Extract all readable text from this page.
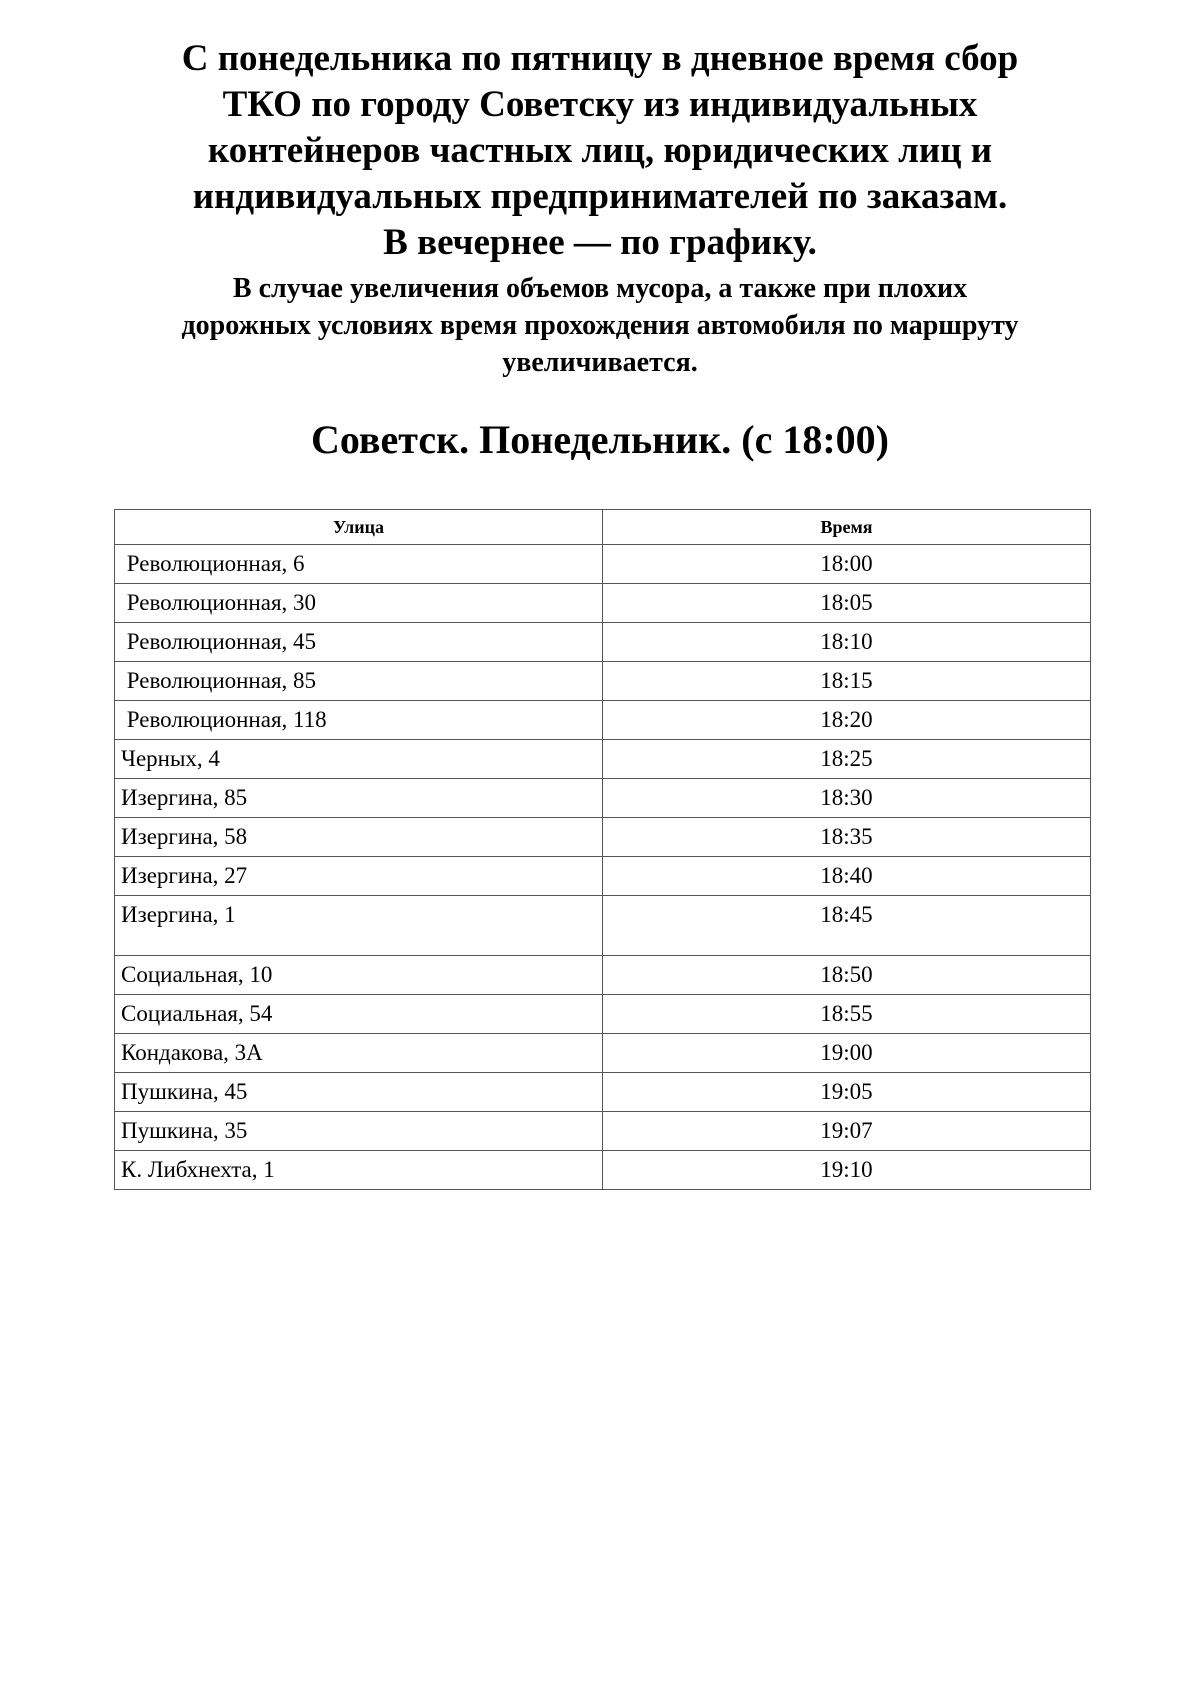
С понедельника по пятницу в дневное время сбор
ТКО по городу Советску из индивидуальных
контейнеров частных лиц, юридических лиц и
индивидуальных предпринимателей по заказам.
В вечернее — по графику.
В случае увеличения объемов мусора, а также при плохих
дорожных условиях время прохождения автомобиля по маршруту
увеличивается.
Советск. Понедельник. (с 18:00)
Улица	Время
Революционная, 6	18:00
Революционная, 30	18:05
Революционная, 45	18:10
Революционная, 85	18:15
Революционная, 118	18:20
Черных, 4	18:25
Изергина, 85	18:30
Изергина, 58	18:35
Изергина, 27	18:40
Изергина, 1	18:45
Социальная, 10	18:50
Социальная, 54	18:55
Кондакова, 3А	19:00
Пушкина, 45	19:05
Пушкина, 35	19:07
К. Либхнехта, 1	19:10
